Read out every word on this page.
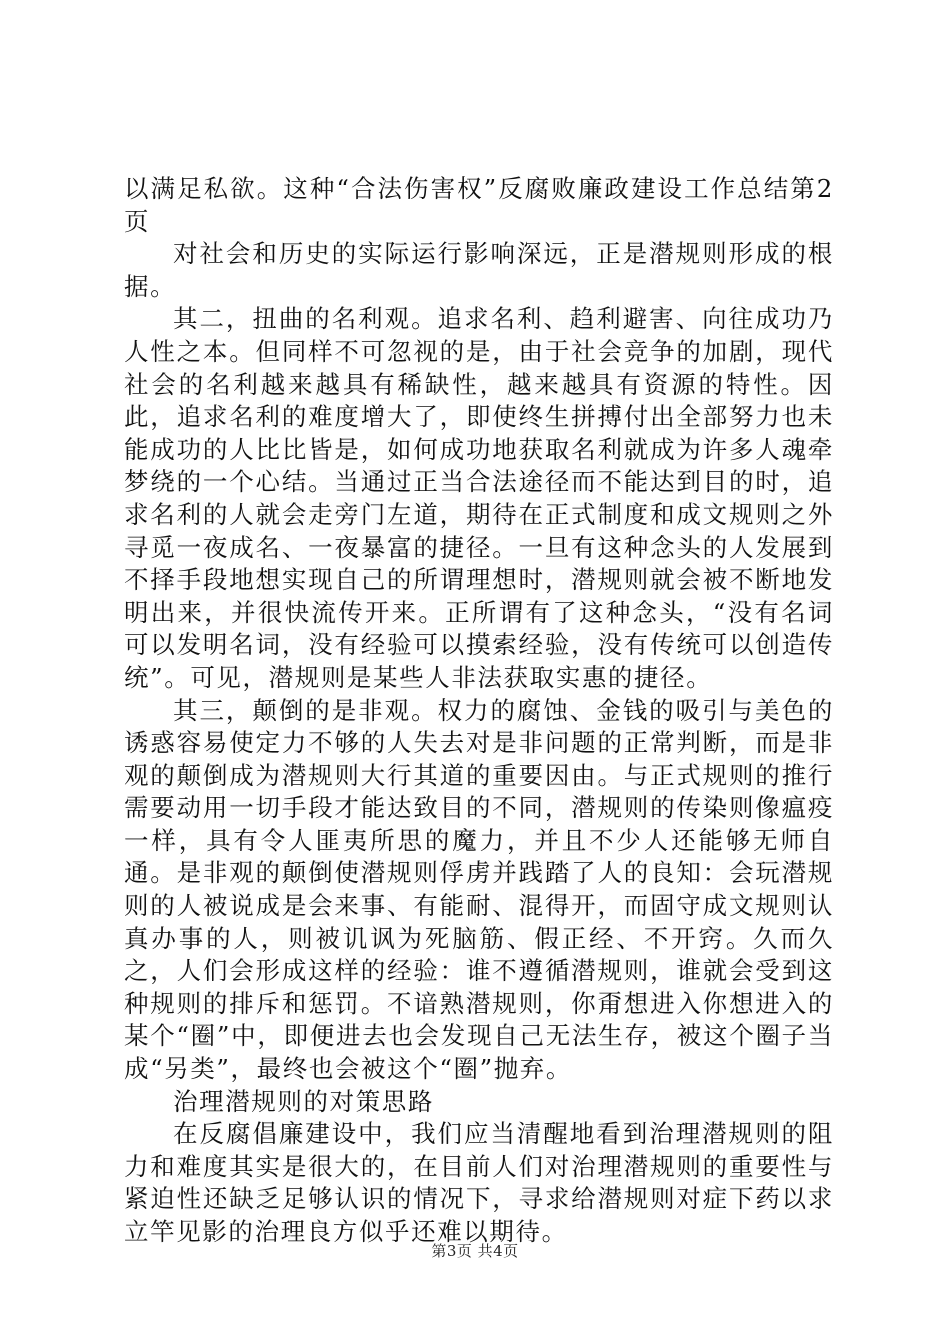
以满足私欲。这种“合法伤害权”反腐败廉政建设工作总结第2页

对社会和历史的实际运行影响深远，正是潜规则形成的根据。

其二，扭曲的名利观。追求名利、趋利避害、向往成功乃人性之本。但同样不可忽视的是，由于社会竞争的加剧，现代社会的名利越来越具有稀缺性，越来越具有资源的特性。因此，追求名利的难度增大了，即使终生拼搏付出全部努力也未能成功的人比比皆是，如何成功地获取名利就成为许多人魂牵梦绕的一个心结。当通过正当合法途径而不能达到目的时，追求名利的人就会走旁门左道，期待在正式制度和成文规则之外寻觅一夜成名、一夜暴富的捷径。一旦有这种念头的人发展到不择手段地想实现自己的所谓理想时，潜规则就会被不断地发明出来，并很快流传开来。正所谓有了这种念头，“没有名词可以发明名词，没有经验可以摸索经验，没有传统可以创造传统”。可见，潜规则是某些人非法获取实惠的捷径。

其三，颠倒的是非观。权力的腐蚀、金钱的吸引与美色的诱惑容易使定力不够的人失去对是非问题的正常判断，而是非观的颠倒成为潜规则大行其道的重要因由。与正式规则的推行需要动用一切手段才能达致目的不同，潜规则的传染则像瘟疫一样，具有令人匪夷所思的魔力，并且不少人还能够无师自通。是非观的颠倒使潜规则俘虏并践踏了人的良知：会玩潜规则的人被说成是会来事、有能耐、混得开，而固守成文规则认真办事的人，则被讥讽为死脑筋、假正经、不开窍。久而久之，人们会形成这样的经验：谁不遵循潜规则，谁就会受到这种规则的排斥和惩罚。不谙熟潜规则，你甭想进入你想进入的某个“圈”中，即便进去也会发现自己无法生存，被这个圈子当成“另类”，最终也会被这个“圈”抛弃。

治理潜规则的对策思路

在反腐倡廉建设中，我们应当清醒地看到治理潜规则的阻力和难度其实是很大的，在目前人们对治理潜规则的重要性与紧迫性还缺乏足够认识的情况下，寻求给潜规则对症下药以求立竿见影的治理良方似乎还难以期待。

第3页 共4页
